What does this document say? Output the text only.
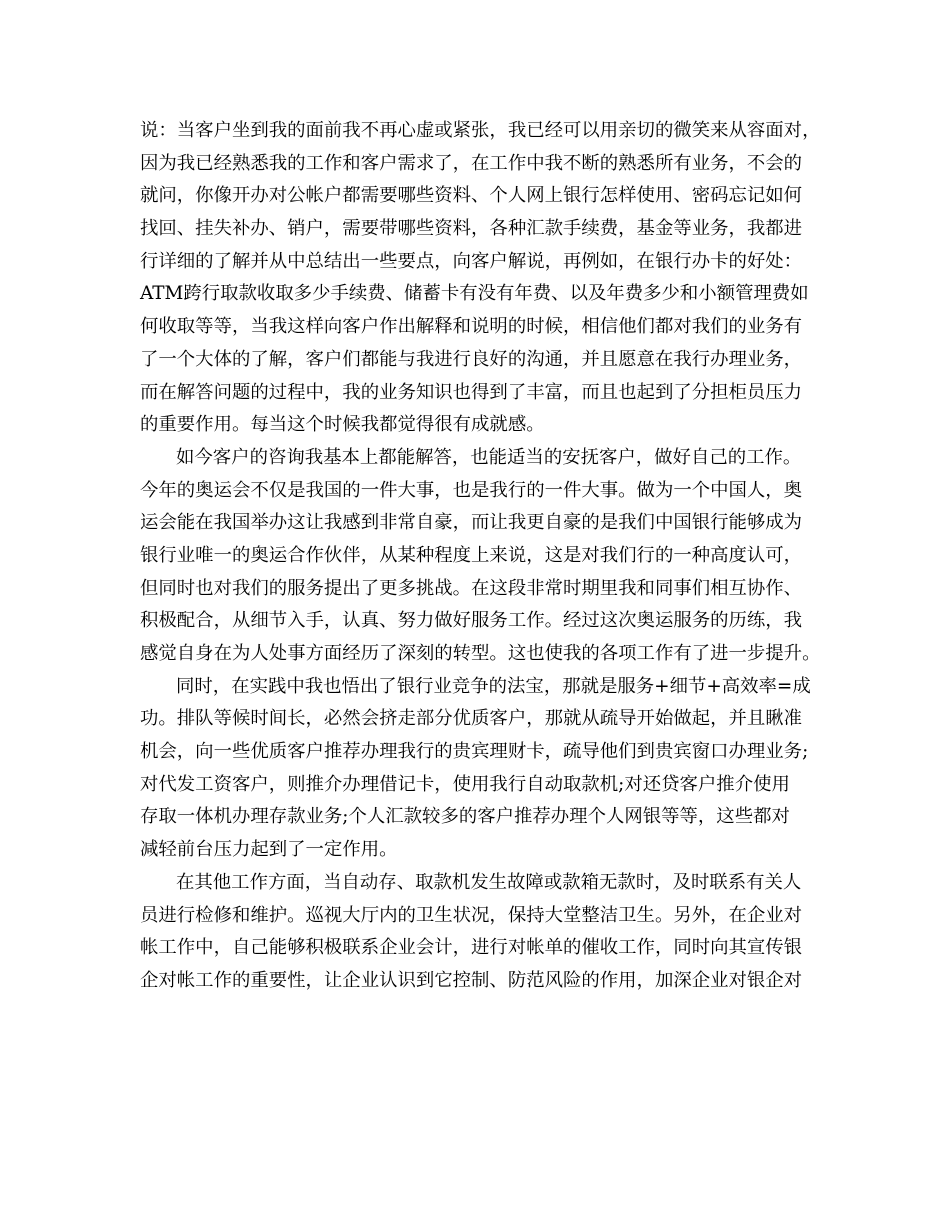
说：当客户坐到我的面前我不再心虚或紧张，我已经可以用亲切的微笑来从容面对，
因为我已经熟悉我的工作和客户需求了，在工作中我不断的熟悉所有业务，不会的
就问，你像开办对公帐户都需要哪些资料、个人网上银行怎样使用、密码忘记如何
找回、挂失补办、销户，需要带哪些资料，各种汇款手续费，基金等业务，我都进
行详细的了解并从中总结出一些要点，向客户解说，再例如，在银行办卡的好处：
ATM跨行取款收取多少手续费、储蓄卡有没有年费、以及年费多少和小额管理费如
何收取等等，当我这样向客户作出解释和说明的时候，相信他们都对我们的业务有
了一个大体的了解，客户们都能与我进行良好的沟通，并且愿意在我行办理业务，
而在解答问题的过程中，我的业务知识也得到了丰富，而且也起到了分担柜员压力
的重要作用。每当这个时候我都觉得很有成就感。
如今客户的咨询我基本上都能解答，也能适当的安抚客户，做好自己的工作。
今年的奥运会不仅是我国的一件大事，也是我行的一件大事。做为一个中国人，奥
运会能在我国举办这让我感到非常自豪，而让我更自豪的是我们中国银行能够成为
银行业唯一的奥运合作伙伴，从某种程度上来说，这是对我们行的一种高度认可，
但同时也对我们的服务提出了更多挑战。在这段非常时期里我和同事们相互协作、
积极配合，从细节入手，认真、努力做好服务工作。经过这次奥运服务的历练，我
感觉自身在为人处事方面经历了深刻的转型。这也使我的各项工作有了进一步提升。
同时，在实践中我也悟出了银行业竞争的法宝，那就是服务+细节+高效率=成
功。排队等候时间长，必然会挤走部分优质客户，那就从疏导开始做起，并且瞅准
机会，向一些优质客户推荐办理我行的贵宾理财卡，疏导他们到贵宾窗口办理业务;
对代发工资客户，则推介办理借记卡，使用我行自动取款机;对还贷客户推介使用
存取一体机办理存款业务;个人汇款较多的客户推荐办理个人网银等等，这些都对
减轻前台压力起到了一定作用。
在其他工作方面，当自动存、取款机发生故障或款箱无款时，及时联系有关人
员进行检修和维护。巡视大厅内的卫生状况，保持大堂整洁卫生。另外，在企业对
帐工作中，自己能够积极联系企业会计，进行对帐单的催收工作，同时向其宣传银
企对帐工作的重要性，让企业认识到它控制、防范风险的作用，加深企业对银企对
